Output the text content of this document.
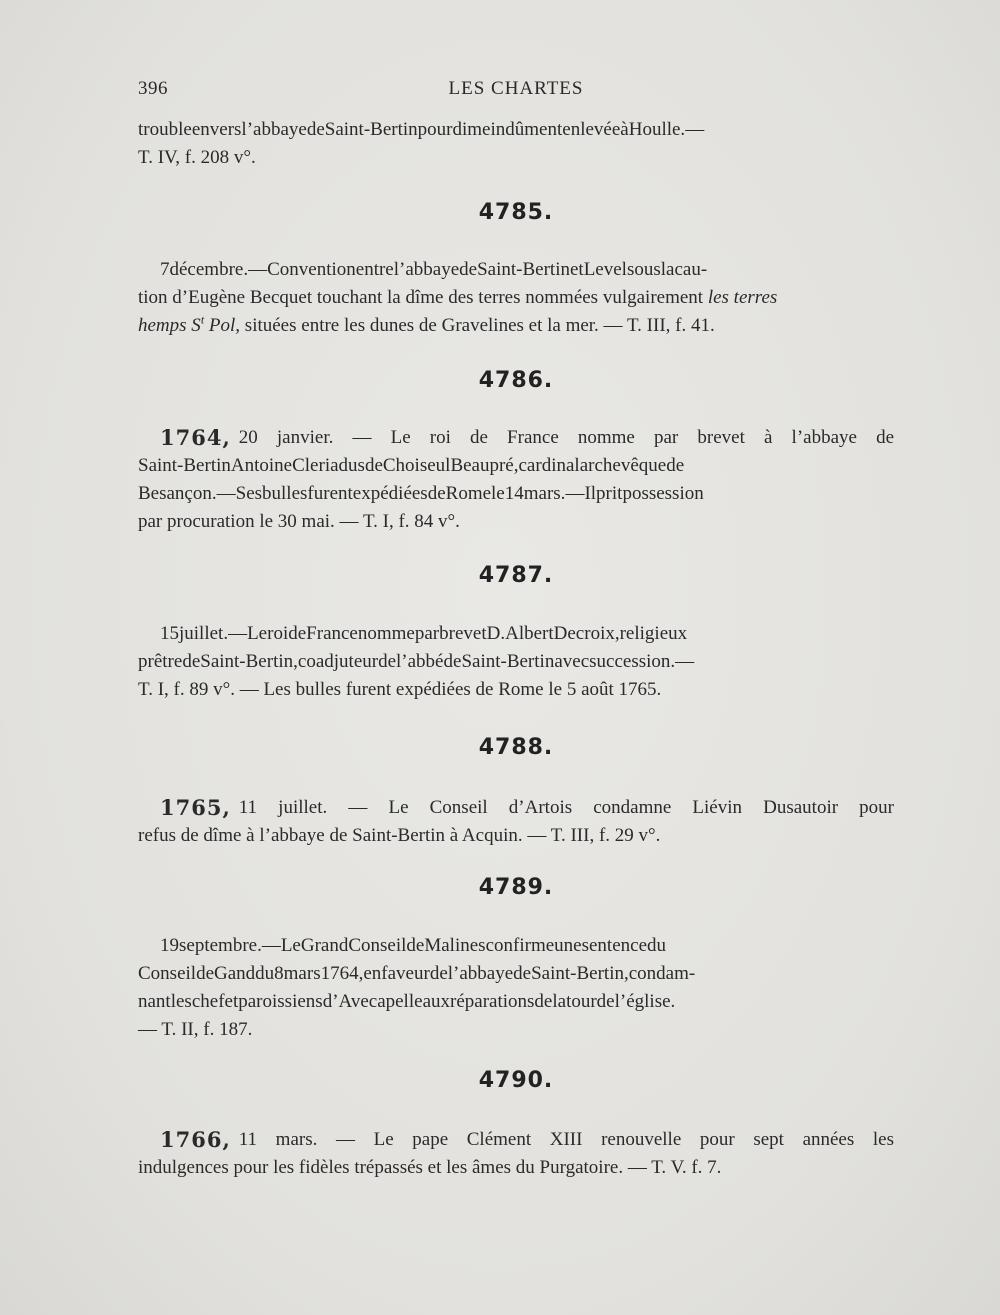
396	LES CHARTES
troubleenversl’abbayedeSaint-BertinpourdimeindûmentenlevéeàHoulle.—
T. IV, f. 208 v°.
4785.
7décembre.—Conventionentrel’abbayedeSaint-BertinetLevelsouslacau-
tion d’Eugène Becquet touchant la dîme des terres nommées vulgairement les terres
hemps $S^t$ Pol, situées entre les dunes de Gravelines et la mer. — T. III, f. 41.
4786.
1764, 20 janvier. — Le roi de France nomme par brevet à l’abbaye de
Saint-BertinAntoineCleriadusdeChoiseulBeaupré,cardinalarchevêquede
Besançon.—SesbullesfurentexpédiéesdeRomele14mars.—Ilpritpossession
par procuration le 30 mai. — T. I, f. 84 v°.
4787.
15juillet.—LeroideFrancenommeparbrevetD.AlbertDecroix,religieux
prêtredeSaint-Bertin,coadjuteurdel’abbédeSaint-Bertinavecsuccession.—
T. I, f. 89 v°. — Les bulles furent expédiées de Rome le 5 août 1765.
4788.
1765, 11 juillet. — Le Conseil d’Artois condamne Liévin Dusautoir pour
refus de dîme à l’abbaye de Saint-Bertin à Acquin. — T. III, f. 29 v°.
4789.
19septembre.—LeGrandConseildeMalinesconfirmeunesentencedu
ConseildeGanddu8mars1764,enfaveurdel’abbayedeSaint-Bertin,condam-
nantleschefetparoissiensd’Avecapelleauxréparationsdelatourdel’église.
— T. II, f. 187.
4790.
1766, 11 mars. — Le pape Clément XIII renouvelle pour sept années les
indulgences pour les fidèles trépassés et les âmes du Purgatoire. — T. V. f. 7.
